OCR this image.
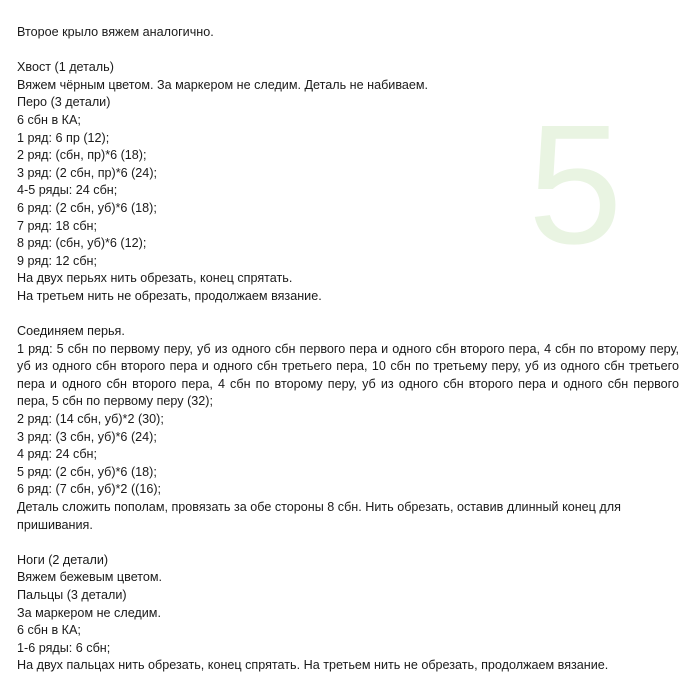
5

Второе крыло вяжем аналогично.

Хвост (1 деталь)

Вяжем чёрным цветом. За маркером не следим. Деталь не набиваем.

Перо (3 детали)

6 сбн в КА;

1 ряд: 6 пр (12);

2 ряд: (сбн, пр)*6 (18);

3 ряд: (2 сбн, пр)*6 (24);

4-5 ряды: 24 сбн;

6 ряд: (2 сбн, уб)*6 (18);

7 ряд: 18 сбн;

8 ряд: (сбн, уб)*6 (12);

9 ряд: 12 сбн;

На двух перьях нить обрезать, конец спрятать.

На третьем нить не обрезать, продолжаем вязание.

Соединяем перья.

1 ряд: 5 сбн по первому перу, уб из одного сбн первого пера и одного сбн второго пера, 4 сбн по второму перу, уб из одного сбн второго пера и одного сбн третьего пера, 10 сбн по третьему перу, уб из одного сбн третьего пера и одного сбн второго пера, 4 сбн по второму перу, уб из одного сбн второго пера и одного сбн первого пера, 5 сбн по первому перу (32);

2 ряд: (14 сбн, уб)*2 (30);

3 ряд: (3 сбн, уб)*6 (24);

4 ряд: 24 сбн;

5 ряд: (2 сбн, уб)*6 (18);

6 ряд: (7 сбн, уб)*2 ((16);

Деталь сложить пополам, провязать за обе стороны 8 сбн. Нить обрезать, оставив длинный конец для пришивания.

Ноги (2 детали)

Вяжем бежевым цветом.

Пальцы (3 детали)

За маркером не следим.

6 сбн в КА;

1-6 ряды: 6 сбн;

На двух пальцах нить обрезать, конец спрятать. На третьем нить не обрезать, продолжаем вязание.
